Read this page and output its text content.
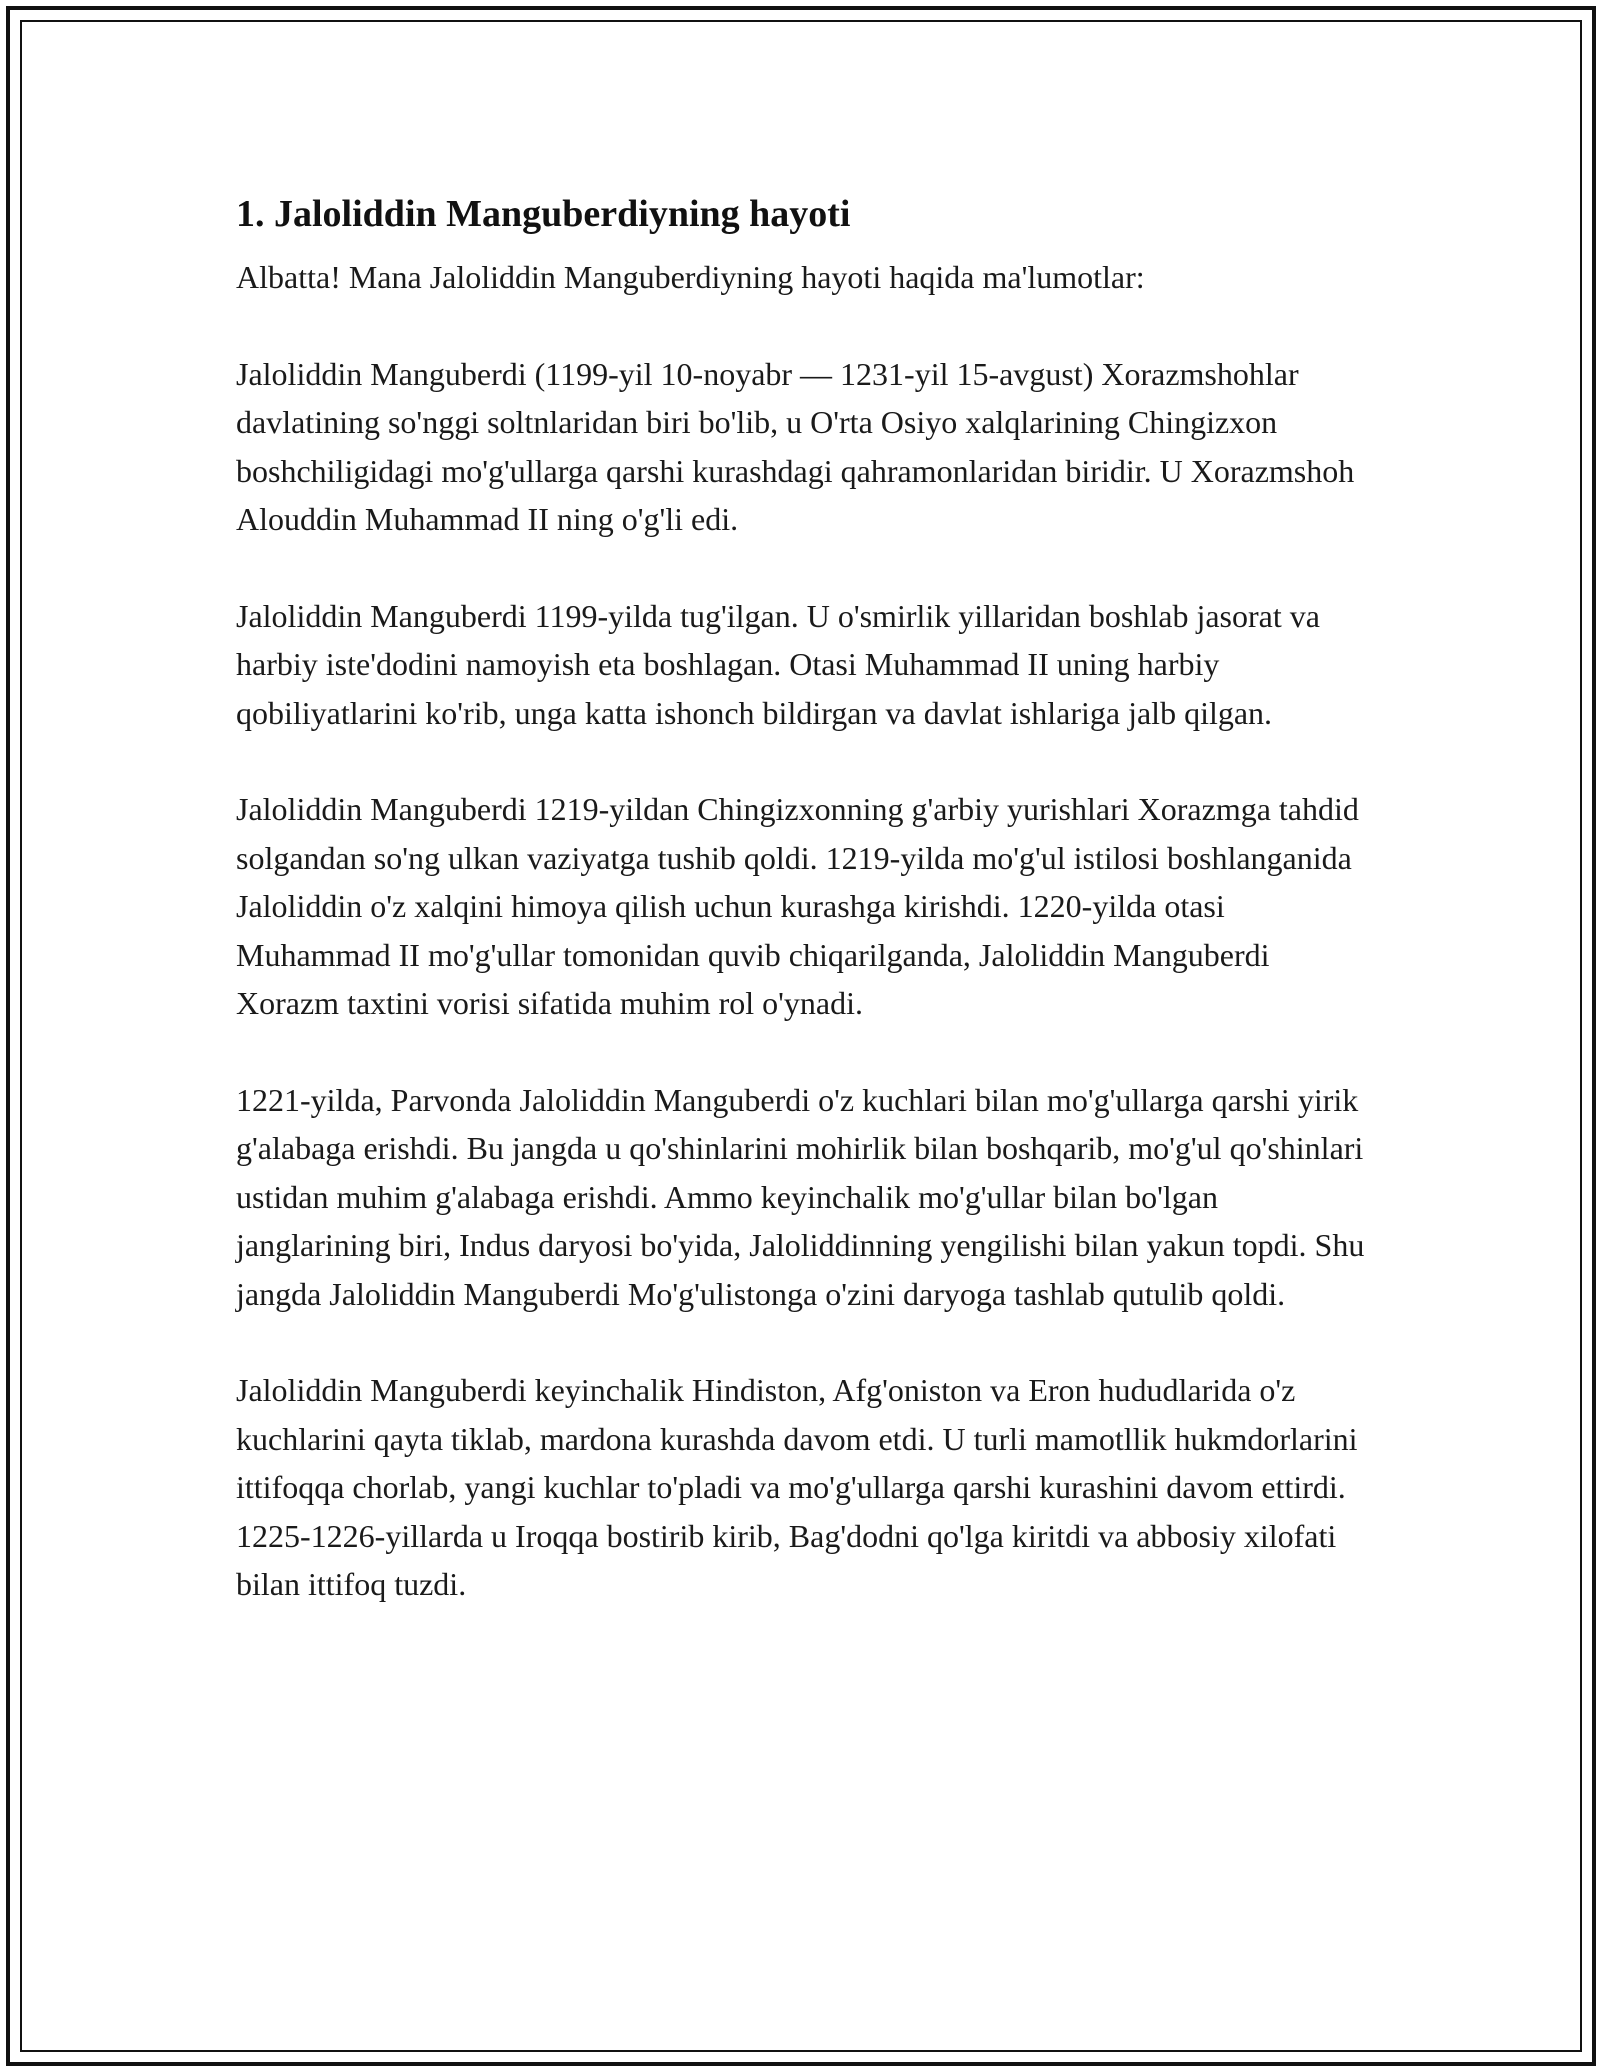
1. Jaloliddin Manguberdiyning hayoti

Albatta! Mana Jaloliddin Manguberdiyning hayoti haqida ma'lumotlar:

Jaloliddin Manguberdi (1199-yil 10-noyabr — 1231-yil 15-avgust) Xorazmshohlar davlatining so'nggi soltnlaridan biri bo'lib, u O'rta Osiyo xalqlarining Chingizxon boshchiligidagi mo'g'ullarga qarshi kurashdagi qahramonlaridan biridir. U Xorazmshoh Alouddin Muhammad II ning o'g'li edi.

Jaloliddin Manguberdi 1199-yilda tug'ilgan. U o'smirlik yillaridan boshlab jasorat va harbiy iste'dodini namoyish eta boshlagan. Otasi Muhammad II uning harbiy qobiliyatlarini ko'rib, unga katta ishonch bildirgan va davlat ishlariga jalb qilgan.

Jaloliddin Manguberdi 1219-yildan Chingizxonning g'arbiy yurishlari Xorazmga tahdid solgandan so'ng ulkan vaziyatga tushib qoldi. 1219-yilda mo'g'ul istilosi boshlanganida Jaloliddin o'z xalqini himoya qilish uchun kurashga kirishdi. 1220-yilda otasi Muhammad II mo'g'ullar tomonidan quvib chiqarilganda, Jaloliddin Manguberdi Xorazm taxtini vorisi sifatida muhim rol o'ynadi.

1221-yilda, Parvonda Jaloliddin Manguberdi o'z kuchlari bilan mo'g'ullarga qarshi yirik g'alabaga erishdi. Bu jangda u qo'shinlarini mohirlik bilan boshqarib, mo'g'ul qo'shinlari ustidan muhim g'alabaga erishdi. Ammo keyinchalik mo'g'ullar bilan bo'lgan janglarining biri, Indus daryosi bo'yida, Jaloliddinning yengilishi bilan yakun topdi. Shu jangda Jaloliddin Manguberdi Mo'g'ulistonga o'zini daryoga tashlab qutulib qoldi.

Jaloliddin Manguberdi keyinchalik Hindiston, Afg'oniston va Eron hududlarida o'z kuchlarini qayta tiklab, mardona kurashda davom etdi. U turli mamotllik hukmdorlarini ittifoqqa chorlab, yangi kuchlar to'pladi va mo'g'ullarga qarshi kurashini davom ettirdi. 1225-1226-yillarda u Iroqqa bostirib kirib, Bag'dodni qo'lga kiritdi va abbosiy xilofati bilan ittifoq tuzdi.
